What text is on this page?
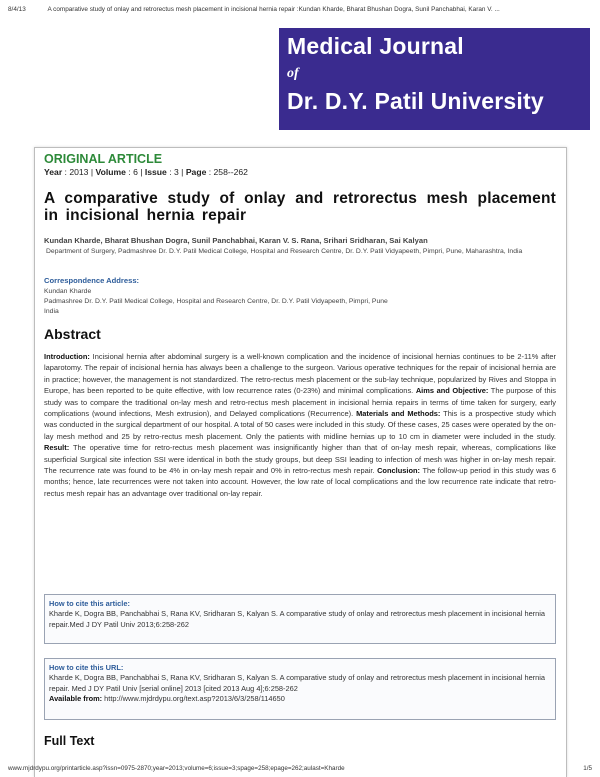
8/4/13	A comparative study of onlay and retrorectus mesh placement in incisional hernia repair :Kundan Kharde, Bharat Bhushan Dogra, Sunil Panchabhai, Karan V. ...
Medical Journal
of
Dr. D.Y. Patil University
ORIGINAL ARTICLE
Year : 2013 | Volume : 6 | Issue : 3 | Page : 258--262
A comparative study of onlay and retrorectus mesh placement in incisional hernia repair
Kundan Kharde, Bharat Bhushan Dogra, Sunil Panchabhai, Karan V. S. Rana, Srihari Sridharan, Sai Kalyan
Department of Surgery, Padmashree Dr. D.Y. Patil Medical College, Hospital and Research Centre, Dr. D.Y. Patil Vidyapeeth, Pimpri, Pune, Maharashtra, India
Correspondence Address:
Kundan Kharde
Padmashree Dr. D.Y. Patil Medical College, Hospital and Research Centre, Dr. D.Y. Patil Vidyapeeth, Pimpri, Pune
India
Abstract
Introduction: Incisional hernia after abdominal surgery is a well-known complication and the incidence of incisional hernias continues to be 2-11% after laparotomy. The repair of incisional hernia has always been a challenge to the surgeon. Various operative techniques for the repair of incisional hernia are in practice; however, the management is not standardized. The retro-rectus mesh placement or the sub-lay technique, popularized by Rives and Stoppa in Europe, has been reported to be quite effective, with low recurrence rates (0-23%) and minimal complications. Aims and Objective: The purpose of this study was to compare the traditional on-lay mesh and retro-rectus mesh placement in incisional hernia repairs in terms of time taken for surgery, early complications (wound infections, Mesh extrusion), and Delayed complications (Recurrence). Materials and Methods: This is a prospective study which was conducted in the surgical department of our hospital. A total of 50 cases were included in this study. Of these cases, 25 cases were operated by the on-lay mesh method and 25 by retro-rectus mesh placement. Only the patients with midline hernias up to 10 cm in diameter were included in the study. Result: The operative time for retro-rectus mesh placement was insignificantly higher than that of on-lay mesh repair, whereas, complications like superficial Surgical site infection SSI were identical in both the study groups, but deep SSI leading to infection of mesh was higher in on-lay mesh repair. The recurrence rate was found to be 4% in on-lay mesh repair and 0% in retro-rectus mesh repair. Conclusion: The follow-up period in this study was 6 months; hence, late recurrences were not taken into account. However, the low rate of local complications and the low recurrence rate indicate that retro-rectus mesh repair has an advantage over traditional on-lay repair.
How to cite this article:
Kharde K, Dogra BB, Panchabhai S, Rana KV, Sridharan S, Kalyan S. A comparative study of onlay and retrorectus mesh placement in incisional hernia repair.Med J DY Patil Univ 2013;6:258-262
How to cite this URL:
Kharde K, Dogra BB, Panchabhai S, Rana KV, Sridharan S, Kalyan S. A comparative study of onlay and retrorectus mesh placement in incisional hernia repair. Med J DY Patil Univ [serial online] 2013 [cited 2013 Aug 4];6:258-262
Available from: http://www.mjdrdypu.org/text.asp?2013/6/3/258/114650
Full Text
www.mjdrdypu.org/printarticle.asp?issn=0975-2870;year=2013;volume=6;issue=3;spage=258;epage=262;aulast=Kharde	1/5
